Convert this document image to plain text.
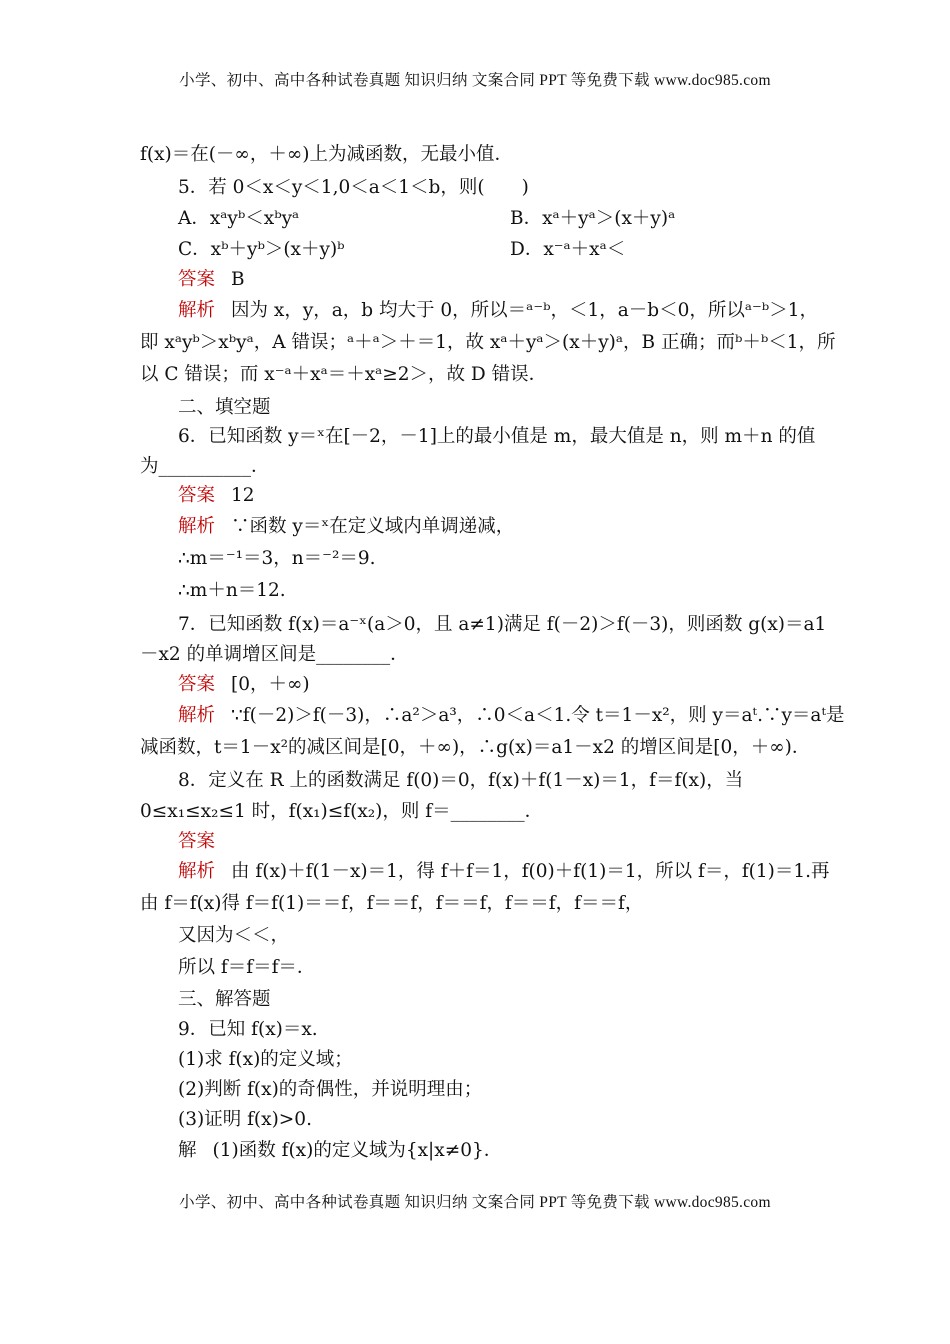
小学、初中、高中各种试卷真题 知识归纳 文案合同 PPT 等免费下载 www.doc985.com
f(x)＝在(－∞，＋∞)上为减函数，无最小值．
5．若 0＜x＜y＜1,0＜a＜1＜b，则(　　)
A．xᵃyᵇ＜xᵇyᵃ	B．xᵃ＋yᵃ＞(x＋y)ᵃ
C．xᵇ＋yᵇ＞(x＋y)ᵇ	D．x⁻ᵃ＋xᵃ＜
答案 B
解析 因为 x，y，a，b 均大于 0，所以＝ᵃ⁻ᵇ，＜1，a－b＜0，所以ᵃ⁻ᵇ＞1，
即 xᵃyᵇ＞xᵇyᵃ，A 错误；ᵃ＋ᵃ＞＋＝1，故 xᵃ＋yᵃ＞(x＋y)ᵃ，B 正确；而ᵇ＋ᵇ＜1，所
以 C 错误；而 x⁻ᵃ＋xᵃ＝＋xᵃ≥2＞，故 D 错误．
二、填空题
6．已知函数 y＝ˣ在[－2，－1]上的最小值是 m，最大值是 n，则 m＋n 的值
为__________．
答案 12
解析 ∵函数 y＝ˣ在定义域内单调递减，
∴m＝⁻¹＝3，n＝⁻²＝9.
∴m＋n＝12.
7．已知函数 f(x)＝a⁻ˣ(a＞0，且 a≠1)满足 f(－2)＞f(－3)，则函数 g(x)＝a1
－x2 的单调增区间是________．
答案 [0，＋∞)
解析 ∵f(－2)＞f(－3)，∴a²＞a³，∴0＜a＜1.令 t＝1－x²，则 y＝aᵗ.∵y＝aᵗ是
减函数，t＝1－x²的减区间是[0，＋∞)，∴g(x)＝a1－x2 的增区间是[0，＋∞)．
8．定义在 R 上的函数满足 f(0)＝0，f(x)＋f(1－x)＝1，f＝f(x)，当
0≤x₁≤x₂≤1 时，f(x₁)≤f(x₂)，则 f＝________．
答案
解析 由 f(x)＋f(1－x)＝1，得 f＋f＝1，f(0)＋f(1)＝1，所以 f＝，f(1)＝1.再
由 f＝f(x)得 f＝f(1)＝＝f，f＝＝f，f＝＝f，f＝＝f，f＝＝f，
又因为＜＜，
所以 f＝f＝f＝．
三、解答题
9．已知 f(x)＝x.
(1)求 f(x)的定义域；
(2)判断 f(x)的奇偶性，并说明理由；
(3)证明 f(x)>0.
解 (1)函数 f(x)的定义域为{x|x≠0}．
小学、初中、高中各种试卷真题 知识归纳 文案合同 PPT 等免费下载 www.doc985.com
